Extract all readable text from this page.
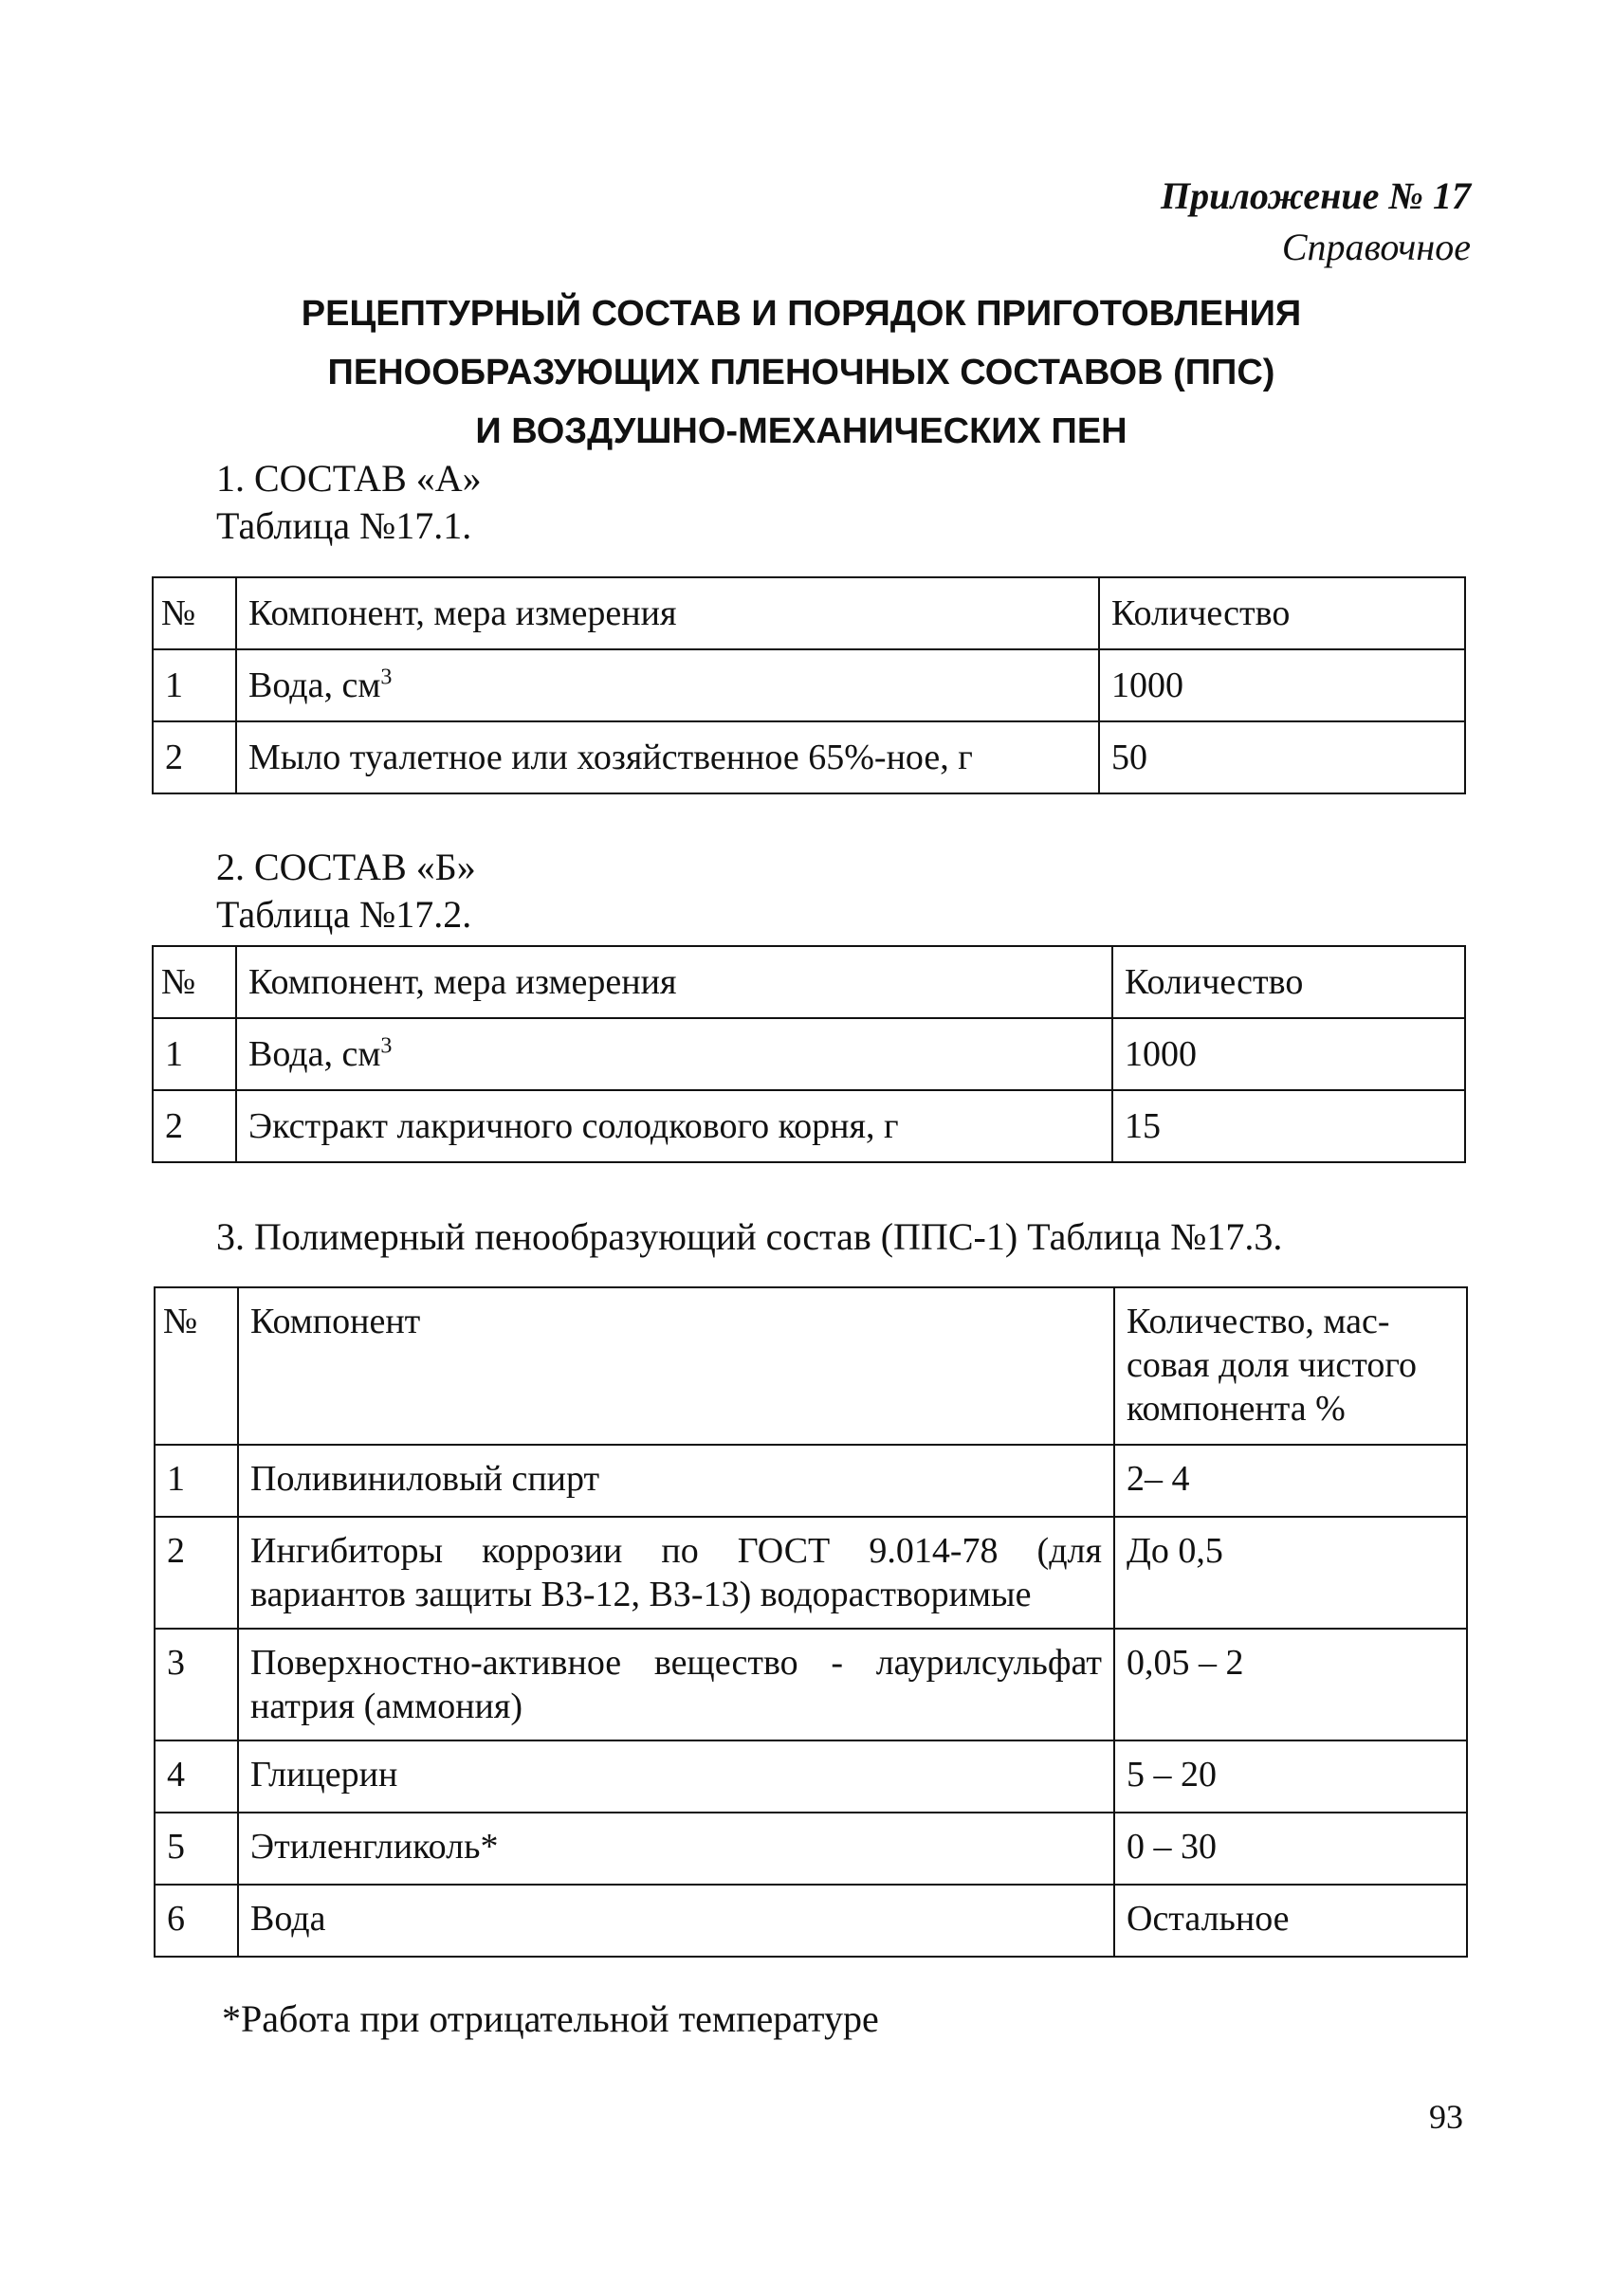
Приложение № 17
Справочное
РЕЦЕПТУРНЫЙ СОСТАВ И ПОРЯДОК ПРИГОТОВЛЕНИЯ
ПЕНООБРАЗУЮЩИХ ПЛЕНОЧНЫХ СОСТАВОВ (ППС)
И ВОЗДУШНО-МЕХАНИЧЕСКИХ ПЕН
1. СОСТАВ «А»
Таблица №17.1.
№	Компонент, мера измерения	Количество
1	Вода, $см^3$	1000
2	Мыло туалетное или хозяйственное 65%-ное, г	50
2. СОСТАВ «Б»
Таблица №17.2.
№	Компонент, мера измерения	Количество
1	Вода, $см^3$	1000
2	Экстракт лакричного солодкового корня, г	15
3. Полимерный пенообразующий состав (ППС-1) Таблица №17.3.
№	Компонент	Количество, мас-
совая доля чистого
компонента %
1	Поливиниловый спирт	2– 4
2	Ингибиторы коррозии по ГОСТ 9.014-78 (для вариантов защиты ВЗ-12, ВЗ-13) водорастворимые	До 0,5
3	Поверхностно-активное вещество - лаурилсульфат натрия (аммония)	0,05 – 2
4	Глицерин	5 – 20
5	Этиленгликоль*	0 – 30
6	Вода	Остальное
*Работа при отрицательной температуре
93
